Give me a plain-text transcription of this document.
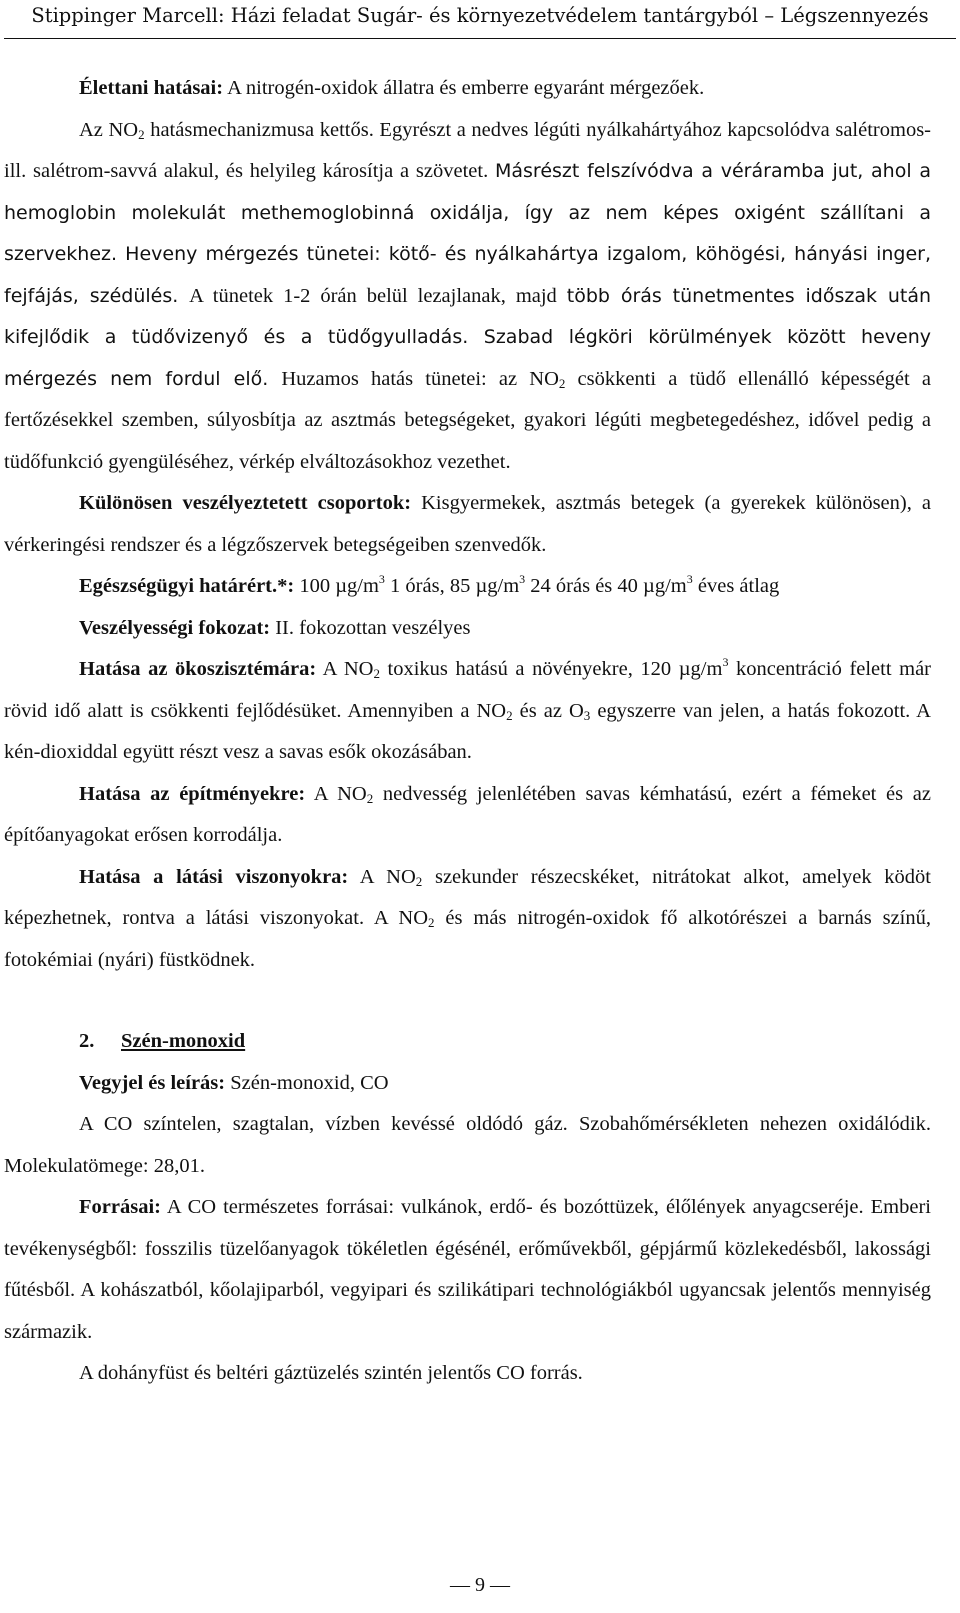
Stippinger Marcell: Házi feladat Sugár- és környezetvédelem tantárgyból – Légszennyezés

Élettani hatásai: A nitrogén-oxidok állatra és emberre egyaránt mérgezőek.

Az $NO_2$ hatásmechanizmusa kettős. Egyrészt a nedves légúti nyálkahártyához kapcsolódva salétromos- ill. salétrom-savvá alakul, és helyileg károsítja a szövetet. Másrészt felszívódva a véráramba jut, ahol a hemoglobin molekulát methemoglobinná oxidálja, így az nem képes oxigént szállítani a szervekhez. Heveny mérgezés tünetei: kötő- és nyálkahártya izgalom, köhögési, hányási inger, fejfájás, szédülés. A tünetek 1-2 órán belül lezajlanak, majd több órás tünetmentes időszak után kifejlődik a tüdővizenyő és a tüdőgyulladás. Szabad légköri körülmények között heveny mérgezés nem fordul elő. Huzamos hatás tünetei: az $NO_2$ csökkenti a tüdő ellenálló képességét a fertőzésekkel szemben, súlyosbítja az asztmás betegségeket, gyakori légúti megbetegedéshez, idővel pedig a tüdőfunkció gyengüléséhez, vérkép elváltozásokhoz vezethet.

Különösen veszélyeztetett csoportok: Kisgyermekek, asztmás betegek (a gyerekek különösen), a vérkeringési rendszer és a légzőszervek betegségeiben szenvedők.

Egészségügyi határért.*: 100 $\mu g/m^3$ 1 órás, 85 $\mu g/m^3$ 24 órás és 40 $\mu g/m^3$ éves átlag

Veszélyességi fokozat: II. fokozottan veszélyes

Hatása az ökoszisztémára: A $NO_2$ toxikus hatású a növényekre, 120 $\mu g/m^3$ koncentráció felett már rövid idő alatt is csökkenti fejlődésüket. Amennyiben a $NO_2$ és az $O_3$ egyszerre van jelen, a hatás fokozott. A kén-dioxiddal együtt részt vesz a savas esők okozásában.

Hatása az építményekre: A $NO_2$ nedvesség jelenlétében savas kémhatású, ezért a fémeket és az építőanyagokat erősen korrodálja.

Hatása a látási viszonyokra: A $NO_2$ szekunder részecskéket, nitrátokat alkot, amelyek ködöt képezhetnek, rontva a látási viszonyokat. A $NO_2$ és más nitrogén-oxidok fő alkotórészei a barnás színű, fotokémiai (nyári) füstködnek.

2. Szén-monoxid

Vegyjel és leírás: Szén-monoxid, CO

A CO színtelen, szagtalan, vízben kevéssé oldódó gáz. Szobahőmérsékleten nehezen oxidálódik. Molekulatömege: 28,01.

Forrásai: A CO természetes forrásai: vulkánok, erdő- és bozóttüzek, élőlények anyagcseréje. Emberi tevékenységből: fosszilis tüzelőanyagok tökéletlen égésénél, erőművekből, gépjármű közlekedésből, lakossági fűtésből. A kohászatból, kőolajiparból, vegyipari és szilikátipari technológiákból ugyancsak jelentős mennyiség származik.

A dohányfüst és beltéri gáztüzelés szintén jelentős CO forrás.

— 9 —
